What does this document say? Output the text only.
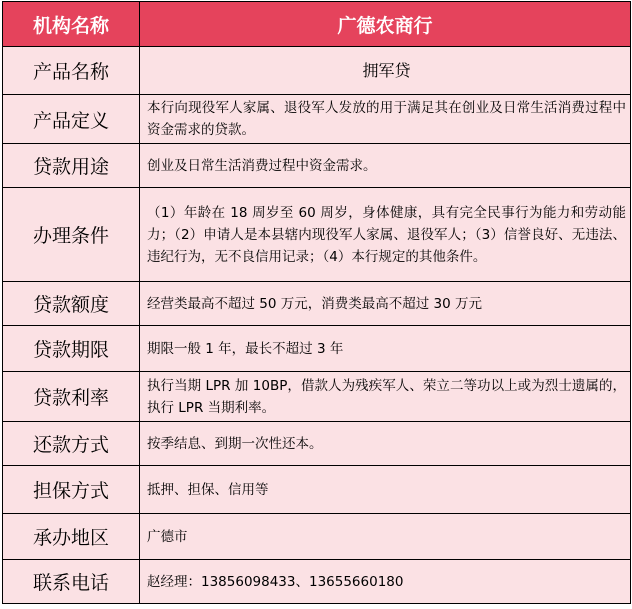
机构名称	广德农商行
产品名称	拥军贷
产品定义	本行向现役军人家属、退役军人发放的用于满足其在创业及日常生活消费过程中资金需求的贷款。
贷款用途	创业及日常生活消费过程中资金需求。
办理条件	（1）年龄在 18 周岁至 60 周岁，身体健康，具有完全民事行为能力和劳动能力；（2）申请人是本县辖内现役军人家属、退役军人；（3）信誉良好、无违法、违纪行为，无不良信用记录；（4）本行规定的其他条件。
贷款额度	经营类最高不超过 50 万元，消费类最高不超过 30 万元
贷款期限	期限一般 1 年，最长不超过 3 年
贷款利率	执行当期 LPR 加 10BP，借款人为残疾军人、荣立二等功以上或为烈士遗属的，执行 LPR 当期利率。
还款方式	按季结息、到期一次性还本。
担保方式	抵押、担保、信用等
承办地区	广德市
联系电话	赵经理：13856098433、13655660180
